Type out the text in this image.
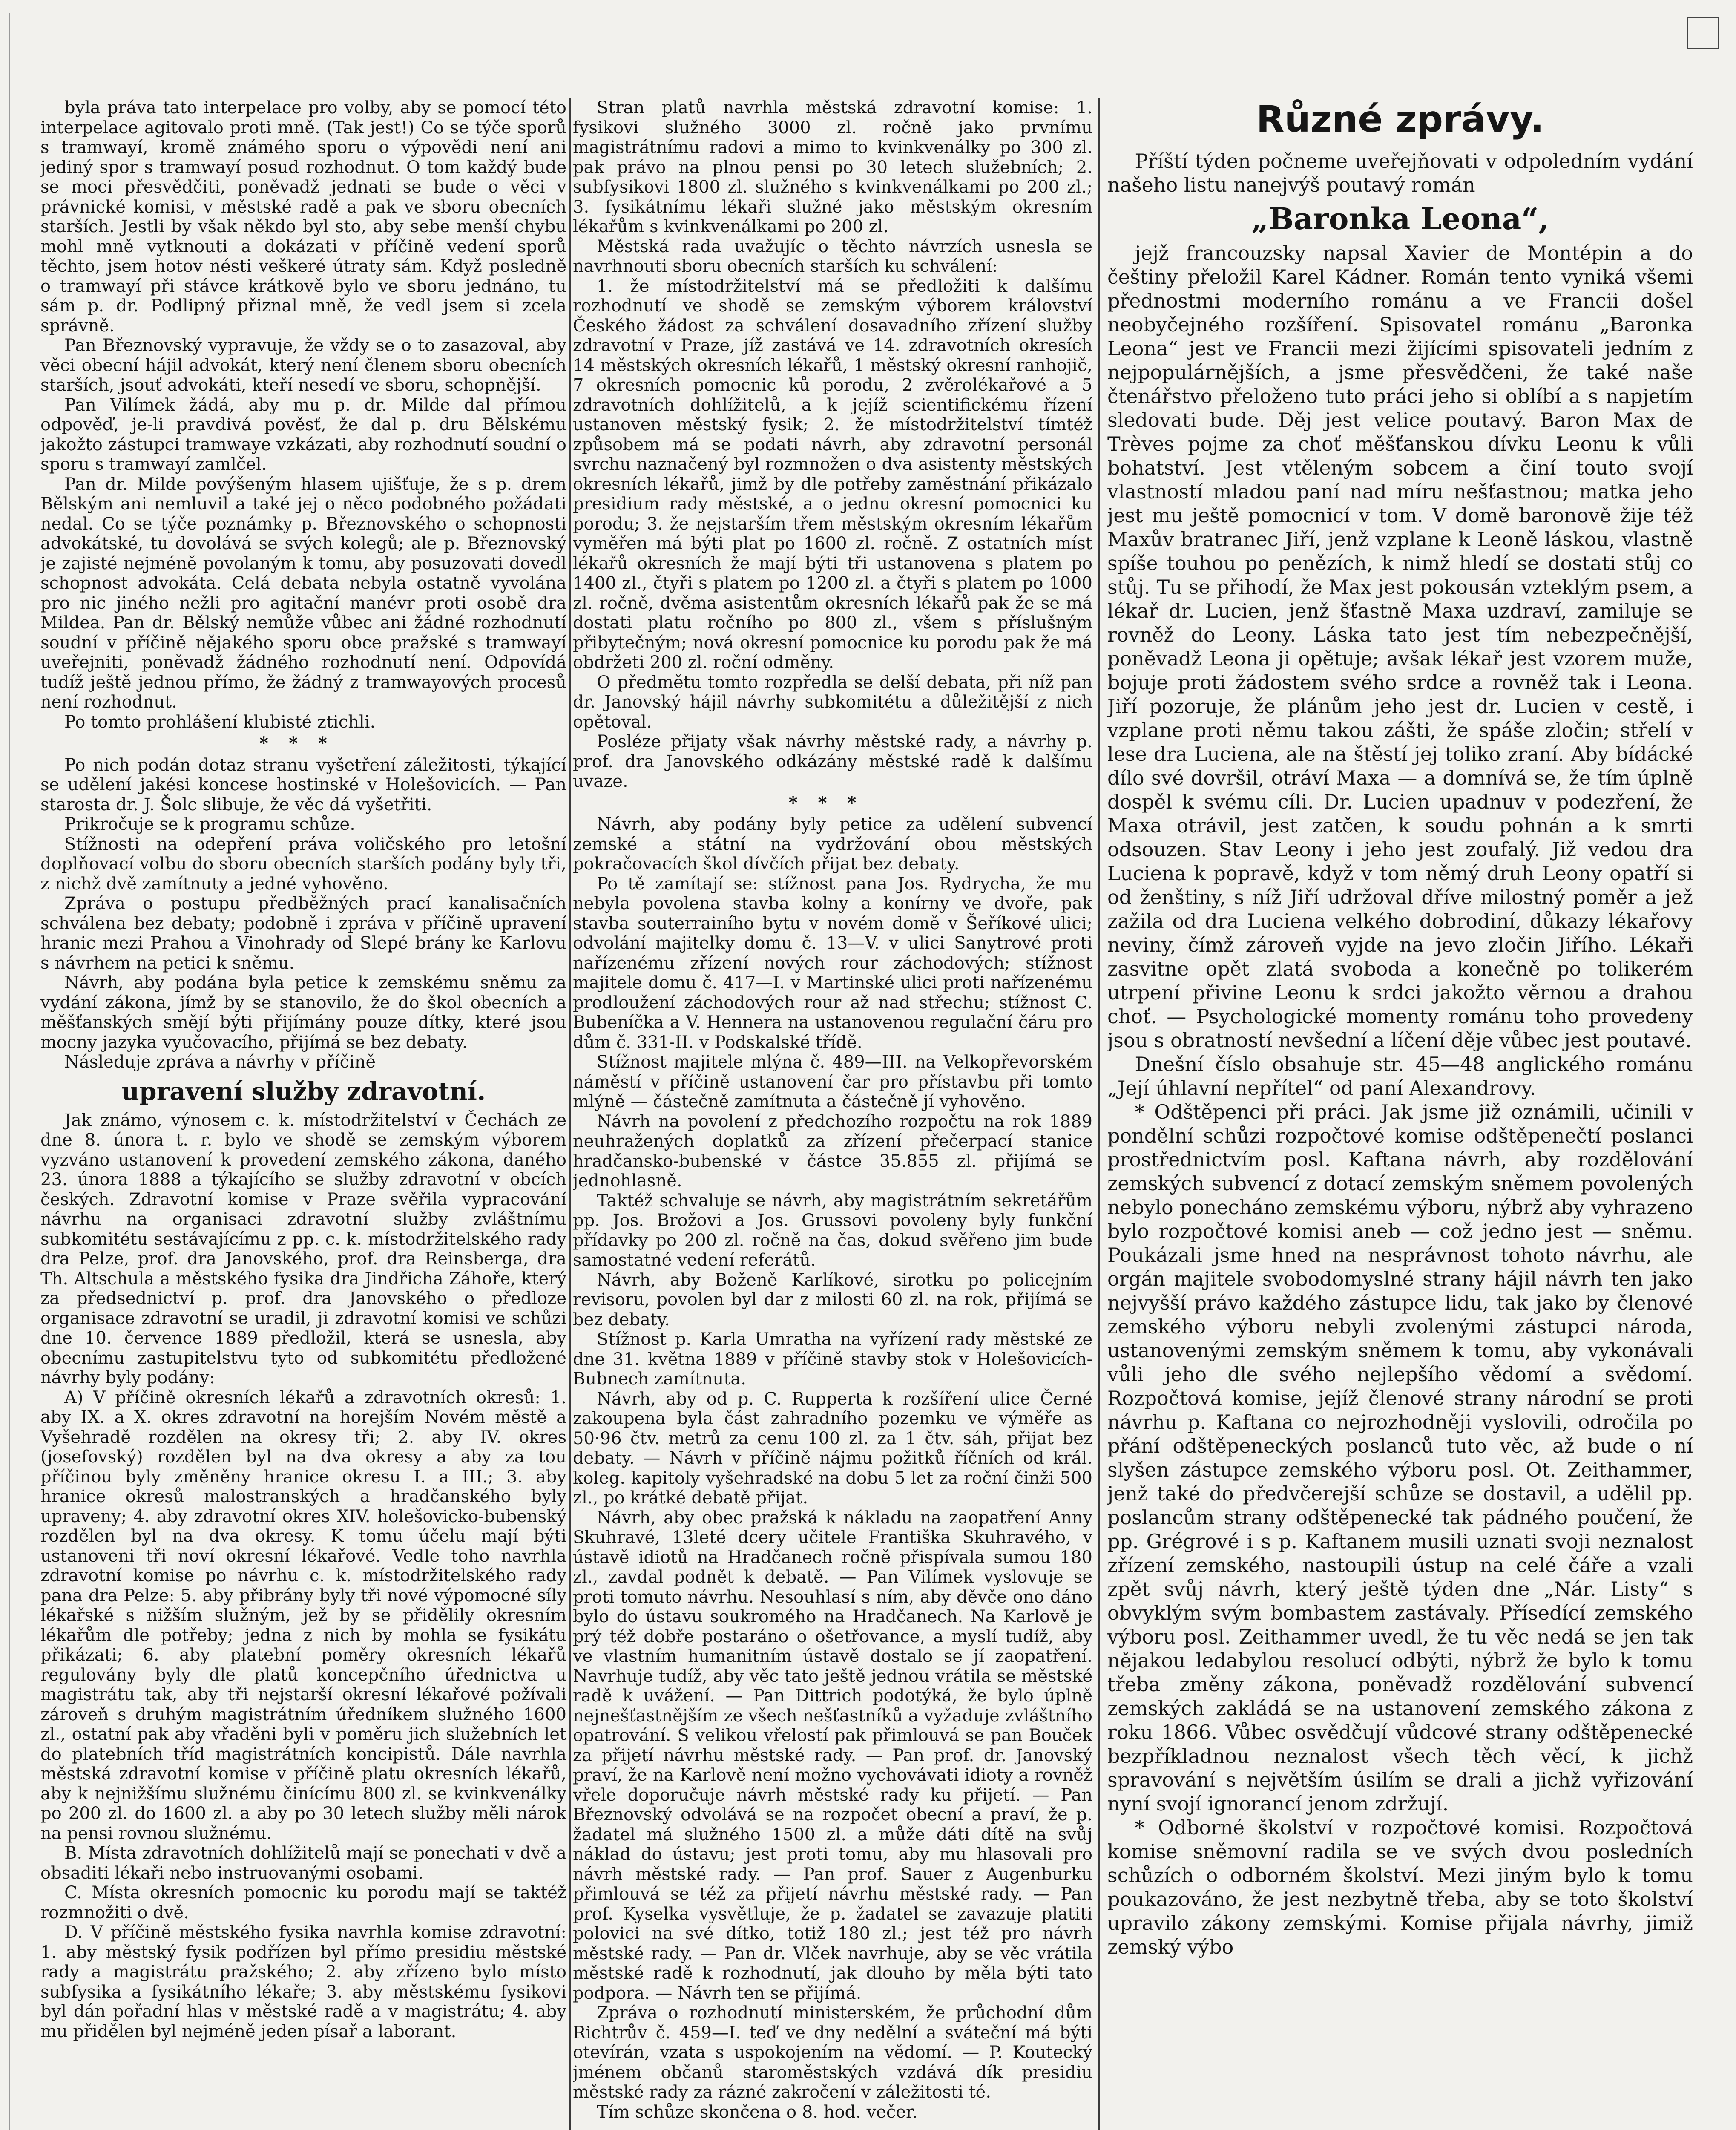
byla práva tato interpelace pro volby, aby se pomocí této interpelace agitovalo proti mně. (Tak jest!) Co se týče sporů s tramwayí, kromě známého sporu o výpovědi není ani jediný spor s tramwayí posud rozhodnut. O tom každý bude se moci přesvědčiti, poněvadž jednati se bude o věci v právnické komisi, v městské radě a pak ve sboru obecních starších. Jestli by však někdo byl sto, aby sebe menší chybu mohl mně vytknouti a dokázati v příčině vedení sporů těchto, jsem hotov nésti veškeré útraty sám. Když posledně o tramwayí při stávce krátkově bylo ve sboru jednáno, tu sám p. dr. Podlipný přiznal mně, že vedl jsem si zcela správně.

Pan Březnovský vypravuje, že vždy se o to zasazoval, aby věci obecní hájil advokát, který není členem sboru obecních starších, jsouť advokáti, kteří nesedí ve sboru, schopnější.

Pan Vilímek žádá, aby mu p. dr. Milde dal přímou odpověď, je-li pravdivá pověsť, že dal p. dru Bělskému jakožto zástupci tramwaye vzkázati, aby rozhodnutí soudní o sporu s tramwayí zamlčel.

Pan dr. Milde povýšeným hlasem ujišťuje, že s p. drem Bělským ani nemluvil a také jej o něco podobného požádati nedal. Co se týče poznámky p. Březnovského o schopnosti advokátské, tu dovolává se svých kolegů; ale p. Březnovský je zajisté nejméně povolaným k tomu, aby posuzovati dovedl schopnost advokáta. Celá debata nebyla ostatně vyvolána pro nic jiného nežli pro agitační manévr proti osobě dra Mildea. Pan dr. Bělský nemůže vůbec ani žádné rozhodnutí soudní v příčině nějakého sporu obce pražské s tramwayí uveřejniti, poněvadž žádného rozhodnutí není. Odpovídá tudíž ještě jednou přímo, že žádný z tramwayových procesů není rozhodnut.

Po tomto prohlášení klubisté ztichli.

***

Po nich podán dotaz stranu vyšetření záležitosti, týkající se udělení jakési koncese hostinské v Holešovicích. — Pan starosta dr. J. Šolc slibuje, že věc dá vyšetřiti.

Prikročuje se k programu schůze.

Stížnosti na odepření práva voličského pro letošní doplňovací volbu do sboru obecních starších podány byly tři, z nichž dvě zamítnuty a jedné vyhověno.

Zpráva o postupu předběžných prací kanalisačních schválena bez debaty; podobně i zpráva v příčině upravení hranic mezi Prahou a Vinohrady od Slepé brány ke Karlovu s návrhem na petici k sněmu.

Návrh, aby podána byla petice k zemskému sněmu za vydání zákona, jímž by se stanovilo, že do škol obecních a měšťanských smějí býti přijímány pouze dítky, které jsou mocny jazyka vyučovacího, přijímá se bez debaty.

Následuje zpráva a návrhy v příčině

upravení služby zdravotní.

Jak známo, výnosem c. k. místodržitelství v Čechách ze dne 8. února t. r. bylo ve shodě se zemským výborem vyzváno ustanovení k provedení zemského zákona, daného 23. února 1888 a týkajícího se služby zdravotní v obcích českých. Zdravotní komise v Praze svěřila vypracování návrhu na organisaci zdravotní služby zvláštnímu subkomitétu sestávajícímu z pp. c. k. místodržitelského rady dra Pelze, prof. dra Janovského, prof. dra Reinsberga, dra Th. Altschula a městského fysika dra Jindřicha Záhoře, který za předsednictví p. prof. dra Janovského o předloze organisace zdravotní se uradil, ji zdravotní komisi ve schůzi dne 10. července 1889 předložil, která se usnesla, aby obecnímu zastupitelstvu tyto od subkomitétu předložené návrhy byly podány:

A) V příčině okresních lékařů a zdravotních okresů: 1. aby IX. a X. okres zdravotní na horejším Novém městě a Vyšehradě rozdělen na okresy tři; 2. aby IV. okres (josefovský) rozdělen byl na dva okresy a aby za tou příčinou byly změněny hranice okresu I. a III.; 3. aby hranice okresů malostranských a hradčanského byly upraveny; 4. aby zdravotní okres XIV. holešovicko-bubenský rozdělen byl na dva okresy. K tomu účelu mají býti ustanoveni tři noví okresní lékařové. Vedle toho navrhla zdravotní komise po návrhu c. k. místodržitelského rady pana dra Pelze: 5. aby přibrány byly tři nové výpomocné síly lékařské s nižším služným, jež by se přidělily okresním lékařům dle potřeby; jedna z nich by mohla se fysikátu přikázati; 6. aby platební poměry okresních lékařů regulovány byly dle platů koncepčního úřednictva u magistrátu tak, aby tři nejstarší okresní lékařové požívali zároveň s druhým magistrátním úředníkem služného 1600 zl., ostatní pak aby vřaděni byli v poměru jich služebních let do platebních tříd magistrátních koncipistů. Dále navrhla městská zdravotní komise v příčině platu okresních lékařů, aby k nejnižšímu služnému činícímu 800 zl. se kvinkvenálky po 200 zl. do 1600 zl. a aby po 30 letech služby měli nárok na pensi rovnou služnému.

B. Místa zdravotních dohlížitelů mají se ponechati v dvě a obsaditi lékaři nebo instruovanými osobami.

C. Místa okresních pomocnic ku porodu mají se taktéž rozmnožiti o dvě.

D. V příčině městského fysika navrhla komise zdravotní: 1. aby městský fysik podřízen byl přímo presidiu městské rady a magistrátu pražského; 2. aby zřízeno bylo místo subfysika a fysikátního lékaře; 3. aby městskému fysikovi byl dán pořadní hlas v městské radě a v magistrátu; 4. aby mu přidělen byl nejméně jeden písař a laborant.

Stran platů navrhla městská zdravotní komise: 1. fysikovi služného 3000 zl. ročně jako prvnímu magistrátnímu radovi a mimo to kvinkvenálky po 300 zl. pak právo na plnou pensi po 30 letech služebních; 2. subfysikovi 1800 zl. služného s kvinkvenálkami po 200 zl.; 3. fysikátnímu lékaři služné jako městským okresním lékařům s kvinkvenálkami po 200 zl.

Městská rada uvažujíc o těchto návrzích usnesla se navrhnouti sboru obecních starších ku schválení:

1. že místodržitelství má se předložiti k dalšímu rozhodnutí ve shodě se zemským výborem království Českého žádost za schválení dosavadního zřízení služby zdravotní v Praze, jíž zastává ve 14. zdravotních okresích 14 městských okresních lékařů, 1 městský okresní ranhojič, 7 okresních pomocnic ků porodu, 2 zvěrolékařové a 5 zdravotních dohlížitelů, a k jejíž scientifickému řízení ustanoven městský fysik; 2. že místodržitelství tímtéž způsobem má se podati návrh, aby zdravotní personál svrchu naznačený byl rozmnožen o dva asistenty městských okresních lékařů, jimž by dle potřeby zaměstnání přikázalo presidium rady městské, a o jednu okresní pomocnici ku porodu; 3. že nejstarším třem městským okresním lékařům vyměřen má býti plat po 1600 zl. ročně. Z ostatních míst lékařů okresních že mají býti tři ustanovena s platem po 1400 zl., čtyři s platem po 1200 zl. a čtyři s platem po 1000 zl. ročně, dvěma asistentům okresních lékařů pak že se má dostati platu ročního po 800 zl., všem s příslušným přibytečným; nová okresní pomocnice ku porodu pak že má obdržeti 200 zl. roční odměny.

O předmětu tomto rozpředla se delší debata, při níž pan dr. Janovský hájil návrhy subkomitétu a důležitější z nich opětoval.

Posléze přijaty však návrhy městské rady, a návrhy p. prof. dra Janovského odkázány městské radě k dalšímu uvaze.

***

Návrh, aby podány byly petice za udělení subvencí zemské a státní na vydržování obou městských pokračovacích škol dívčích přijat bez debaty.

Po tě zamítají se: stížnost pana Jos. Rydrycha, že mu nebyla povolena stavba kolny a konírny ve dvoře, pak stavba souterrainího bytu v novém domě v Šeříkové ulici; odvolání majitelky domu č. 13—V. v ulici Sanytrové proti nařízenému zřízení nových rour záchodových; stížnost majitele domu č. 417—I. v Martinské ulici proti nařízenému prodloužení záchodových rour až nad střechu; stížnost C. Bubeníčka a V. Hennera na ustanovenou regulační čáru pro dům č. 331-II. v Podskalské třídě.

Stížnost majitele mlýna č. 489—III. na Velkopřevorském náměstí v příčině ustanovení čar pro přístavbu při tomto mlýně — částečně zamítnuta a částečně jí vyhověno.

Návrh na povolení z předchozího rozpočtu na rok 1889 neuhražených doplatků za zřízení přečerpací stanice hradčansko-bubenské v částce 35.855 zl. přijímá se jednohlasně.

Taktéž schvaluje se návrh, aby magistrátním sekretářům pp. Jos. Brožovi a Jos. Grussovi povoleny byly funkční přídavky po 200 zl. ročně na čas, dokud svěřeno jim bude samostatné vedení referátů.

Návrh, aby Boženě Karlíkové, sirotku po policejním revisoru, povolen byl dar z milosti 60 zl. na rok, přijímá se bez debaty.

Stížnost p. Karla Umratha na vyřízení rady městské ze dne 31. května 1889 v příčině stavby stok v Holešovicích-Bubnech zamítnuta.

Návrh, aby od p. C. Rupperta k rozšíření ulice Černé zakoupena byla část zahradního pozemku ve výměře as 50·96 čtv. metrů za cenu 100 zl. za 1 čtv. sáh, přijat bez debaty. — Návrh v příčině nájmu požitků říčních od král. koleg. kapitoly vyšehradské na dobu 5 let za roční činži 500 zl., po krátké debatě přijat.

Návrh, aby obec pražská k nákladu na zaopatření Anny Skuhravé, 13leté dcery učitele Františka Skuhravého, v ústavě idiotů na Hradčanech ročně přispívala sumou 180 zl., zavdal podnět k debatě. — Pan Vilímek vyslovuje se proti tomuto návrhu. Nesouhlasí s ním, aby děvče ono dáno bylo do ústavu soukromého na Hradčanech. Na Karlově je prý též dobře postaráno o ošetřovance, a myslí tudíž, aby ve vlastním humanitním ústavě dostalo se jí zaopatření. Navrhuje tudíž, aby věc tato ještě jednou vrátila se městské radě k uvážení. — Pan Dittrich podotýká, že bylo úplně nejnešťastnějším ze všech nešťastníků a vyžaduje zvláštního opatrování. S velikou vřelostí pak přimlouvá se pan Bouček za přijetí návrhu městské rady. — Pan prof. dr. Janovský praví, že na Karlově není možno vychovávati idioty a rovněž vřele doporučuje návrh městské rady ku přijetí. — Pan Březnovský odvolává se na rozpočet obecní a praví, že p. žadatel má služného 1500 zl. a může dáti dítě na svůj náklad do ústavu; jest proti tomu, aby mu hlasovali pro návrh městské rady. — Pan prof. Sauer z Augenburku přimlouvá se též za přijetí návrhu městské rady. — Pan prof. Kyselka vysvětluje, že p. žadatel se zavazuje platiti polovici na své dítko, totiž 180 zl.; jest též pro návrh městské rady. — Pan dr. Vlček navrhuje, aby se věc vrátila městské radě k rozhodnutí, jak dlouho by měla býti tato podpora. — Návrh ten se přijímá.

Zpráva o rozhodnutí ministerském, že průchodní dům Richtrův č. 459—I. teď ve dny nedělní a sváteční má býti otevírán, vzata s uspokojením na vědomí. — P. Koutecký jménem občanů staroměstských vzdává dík presidiu městské rady za rázné zakročení v záležitosti té.

Tím schůze skončena o 8. hod. večer.

Různé zprávy.

Příští týden počneme uveřejňovati v odpoledním vydání našeho listu nanejvýš poutavý román

„Baronka Leona“,

jejž francouzsky napsal Xavier de Montépin a do češtiny přeložil Karel Kádner. Román tento vyniká všemi přednostmi moderního románu a ve Francii došel neobyčejného rozšíření. Spisovatel románu „Baronka Leona“ jest ve Francii mezi žijícími spisovateli jedním z nejpopulárnějších, a jsme přesvědčeni, že také naše čtenářstvo přeloženo tuto práci jeho si oblíbí a s napjetím sledovati bude. Děj jest velice poutavý. Baron Max de Trèves pojme za choť měšťanskou dívku Leonu k vůli bohatství. Jest vtěleným sobcem a činí touto svojí vlastností mladou paní nad míru nešťastnou; matka jeho jest mu ještě pomocnicí v tom. V domě baronově žije též Maxův bratranec Jiří, jenž vzplane k Leoně láskou, vlastně spíše touhou po penězích, k nimž hledí se dostati stůj co stůj. Tu se přihodí, že Max jest pokousán vzteklým psem, a lékař dr. Lucien, jenž šťastně Maxa uzdraví, zamiluje se rovněž do Leony. Láska tato jest tím nebezpečnější, poněvadž Leona ji opětuje; avšak lékař jest vzorem muže, bojuje proti žádostem svého srdce a rovněž tak i Leona. Jiří pozoruje, že plánům jeho jest dr. Lucien v cestě, i vzplane proti němu takou zášti, že spáše zločin; střelí v lese dra Luciena, ale na štěstí jej toliko zraní. Aby bídácké dílo své dovršil, otráví Maxa — a domnívá se, že tím úplně dospěl k svému cíli. Dr. Lucien upadnuv v podezření, že Maxa otrávil, jest zatčen, k soudu pohnán a k smrti odsouzen. Stav Leony i jeho jest zoufalý. Již vedou dra Luciena k popravě, když v tom němý druh Leony opatří si od ženštiny, s níž Jiří udržoval dříve milostný poměr a jež zažila od dra Luciena velkého dobrodiní, důkazy lékařovy neviny, čímž zároveň vyjde na jevo zločin Jiřího. Lékaři zasvitne opět zlatá svoboda a konečně po tolikerém utrpení přivine Leonu k srdci jakožto věrnou a drahou choť. — Psychologické momenty románu toho provedeny jsou s obratností nevšední a líčení děje vůbec jest poutavé.

Dnešní číslo obsahuje str. 45—48 anglického románu „Její úhlavní nepřítel“ od paní Alexandrovy.

* Odštěpenci při práci. Jak jsme již oznámili, učinili v pondělní schůzi rozpočtové komise odštěpenečtí poslanci prostřednictvím posl. Kaftana návrh, aby rozdělování zemských subvencí z dotací zemským sněmem povolených nebylo ponecháno zemskému výboru, nýbrž aby vyhrazeno bylo rozpočtové komisi aneb — což jedno jest — sněmu. Poukázali jsme hned na nesprávnost tohoto návrhu, ale orgán majitele svobodomyslné strany hájil návrh ten jako nejvyšší právo každého zástupce lidu, tak jako by členové zemského výboru nebyli zvolenými zástupci národa, ustanovenými zemským sněmem k tomu, aby vykonávali vůli jeho dle svého nejlepšího vědomí a svědomí. Rozpočtová komise, jejíž členové strany národní se proti návrhu p. Kaftana co nejrozhodněji vyslovili, odročila po přání odštěpeneckých poslanců tuto věc, až bude o ní slyšen zástupce zemského výboru posl. Ot. Zeithammer, jenž také do předvčerejší schůze se dostavil, a udělil pp. poslancům strany odštěpenecké tak pádného poučení, že pp. Grégrové i s p. Kaftanem musili uznati svoji neznalost zřízení zemského, nastoupili ústup na celé čáře a vzali zpět svůj návrh, který ještě týden dne „Nár. Listy“ s obvyklým svým bombastem zastávaly. Přísedící zemského výboru posl. Zeithammer uvedl, že tu věc nedá se jen tak nějakou ledabylou resolucí odbýti, nýbrž že bylo k tomu třeba změny zákona, poněvadž rozdělování subvencí zemských zakládá se na ustanovení zemského zákona z roku 1866. Vůbec osvědčují vůdcové strany odštěpenecké bezpříkladnou neznalost všech těch věcí, k jichž spravování s největším úsilím se drali a jichž vyřizování nyní svojí ignorancí jenom zdržují.

* Odborné školství v rozpočtové komisi. Rozpočtová komise sněmovní radila se ve svých dvou posledních schůzích o odborném školství. Mezi jiným bylo k tomu poukazováno, že jest nezbytně třeba, aby se toto školství upravilo zákony zemskými. Komise přijala návrhy, jimiž zemský výbo
